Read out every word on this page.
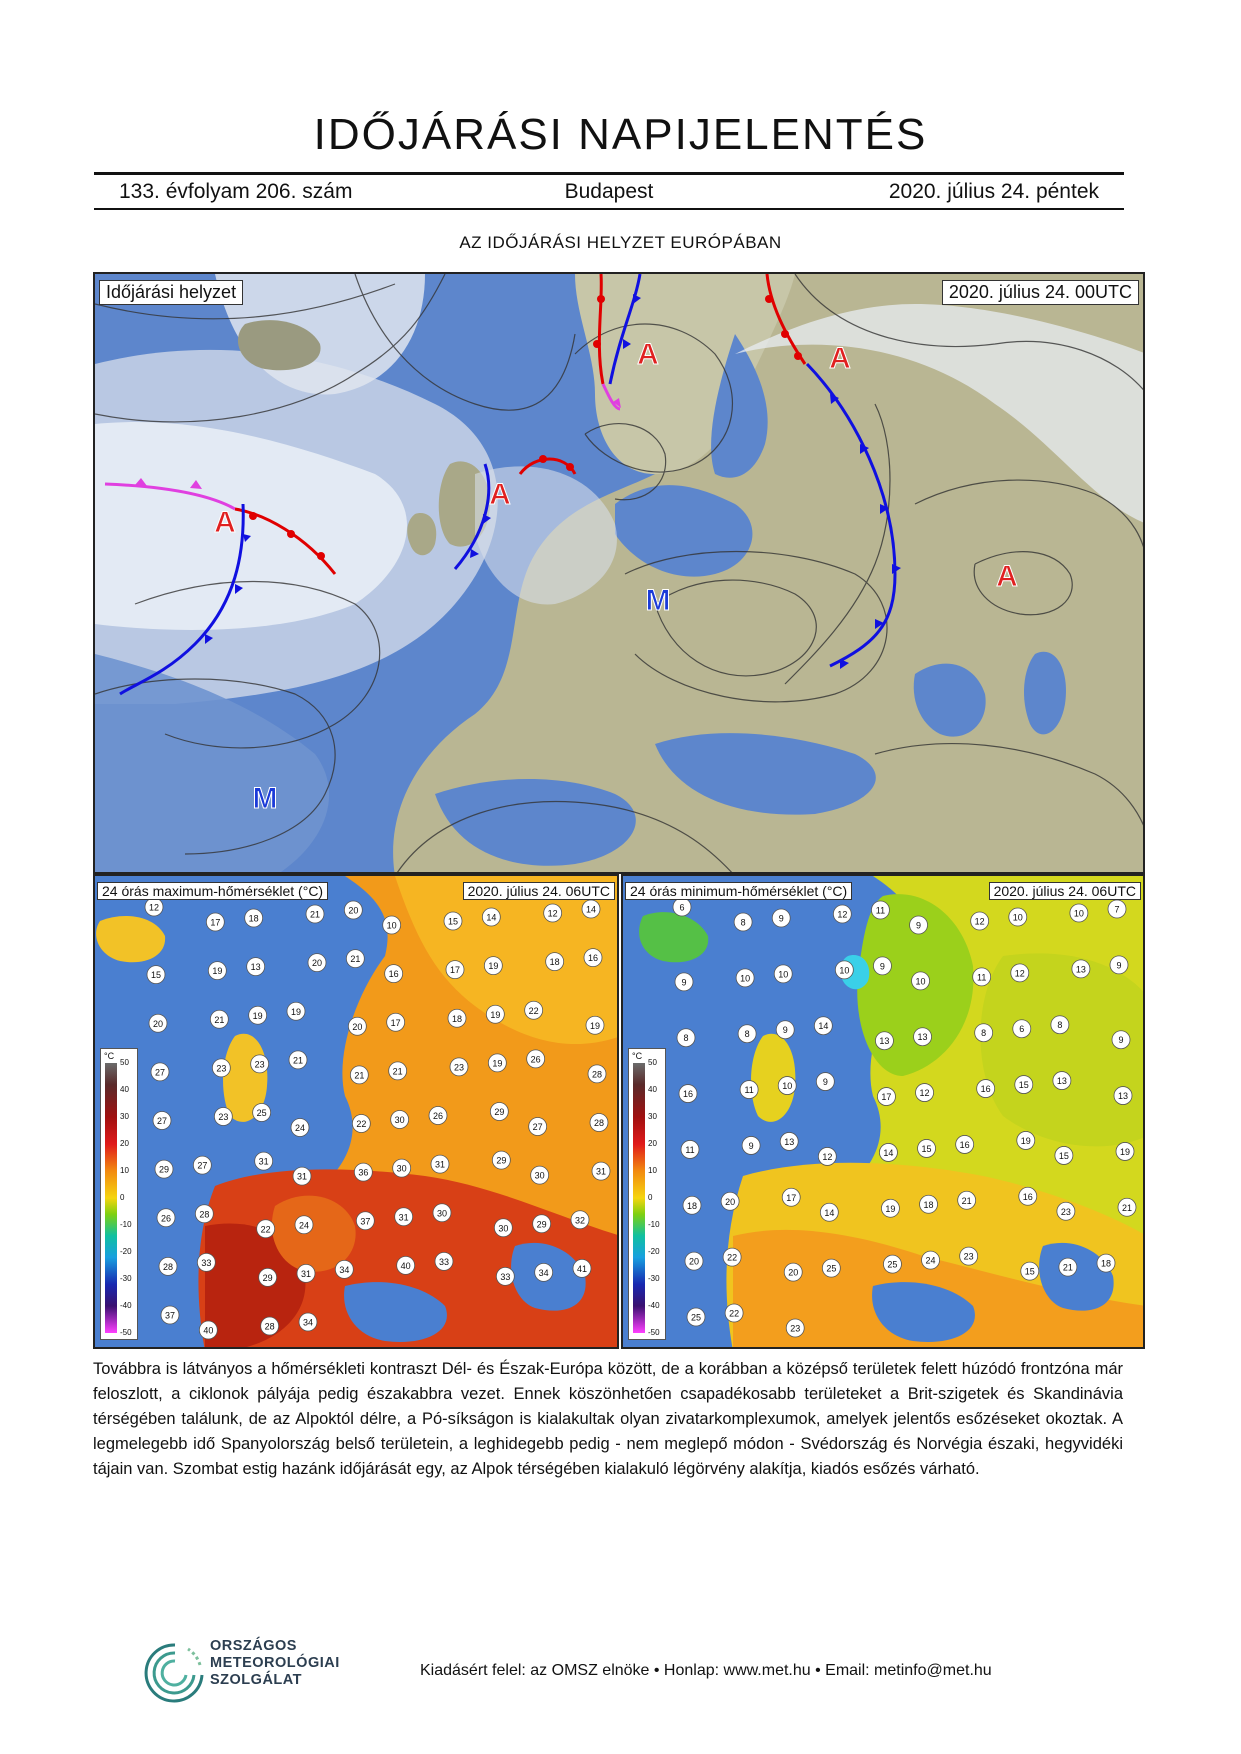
IDŐJÁRÁSI NAPIJELENTÉS
133. évfolyam 206. szám	Budapest	2020. július 24. péntek
AZ IDŐJÁRÁSI HELYZET EURÓPÁBAN
A
A
A	A
A
M
M
Időjárási helyzet	2020. július 24. 00UTC
12
17	18	21	20
10	15	14	12	14
15	19	13	20	21
16	17	19	18	16
20	21	19	19
20	17	18	19	22
19
27	23	23	21
21	21	23	19	26
28
27	23	25
24	22	30	26	29
27	28
29	27	31
31	36	30	31	29
30	31
26	28
22	24	37	31	30
30	29	32
28	33
29	31	34	40	33
33	34	41
37
40	28	34
24 órás maximum-hőmérséklet (°C)	2020. július 24. 06UTC
°C
50
40
30
20
10
0
-10
-20
-30
-40
-50
6
8	9	12	11
9	12	10	10	7
9	10	10	10	9
10	11	12	13	9
8	8	9	14
13	13	8	6	8
9
16	11	10	9
17	12	16	15	13
13
11	9	13
12	14	15	16	19
15	19
18	20	17
14	19	18	21	16
23	21
20	22
20	25	25	24	23
15	21	18
25	22
23
24 órás minimum-hőmérséklet (°C)	2020. július 24. 06UTC
°C
50
40
30
20
10
0
-10
-20
-30
-40
-50
Továbbra is látványos a hőmérsékleti kontraszt Dél- és Észak-Európa között, de a korábban a középső területek felett húzódó frontzóna már feloszlott, a ciklonok pályája pedig északabbra vezet. Ennek köszönhetően csapadékosabb területeket a Brit-szigetek és Skandinávia térségében találunk, de az Alpoktól délre, a Pó-síkságon is kialakultak olyan zivatarkomplexumok, amelyek jelentős esőzéseket okoztak. A legmelegebb idő Spanyolország belső területein, a leghidegebb pedig - nem meglepő módon - Svédország és Norvégia északi, hegyvidéki tájain van. Szombat estig hazánk időjárását egy, az Alpok térségében kialakuló légörvény alakítja, kiadós esőzés várható.
ORSZÁGOS
METEOROLÓGIAI
SZOLGÁLAT
Kiadásért felel: az OMSZ elnöke • Honlap: www.met.hu • Email: metinfo@met.hu
